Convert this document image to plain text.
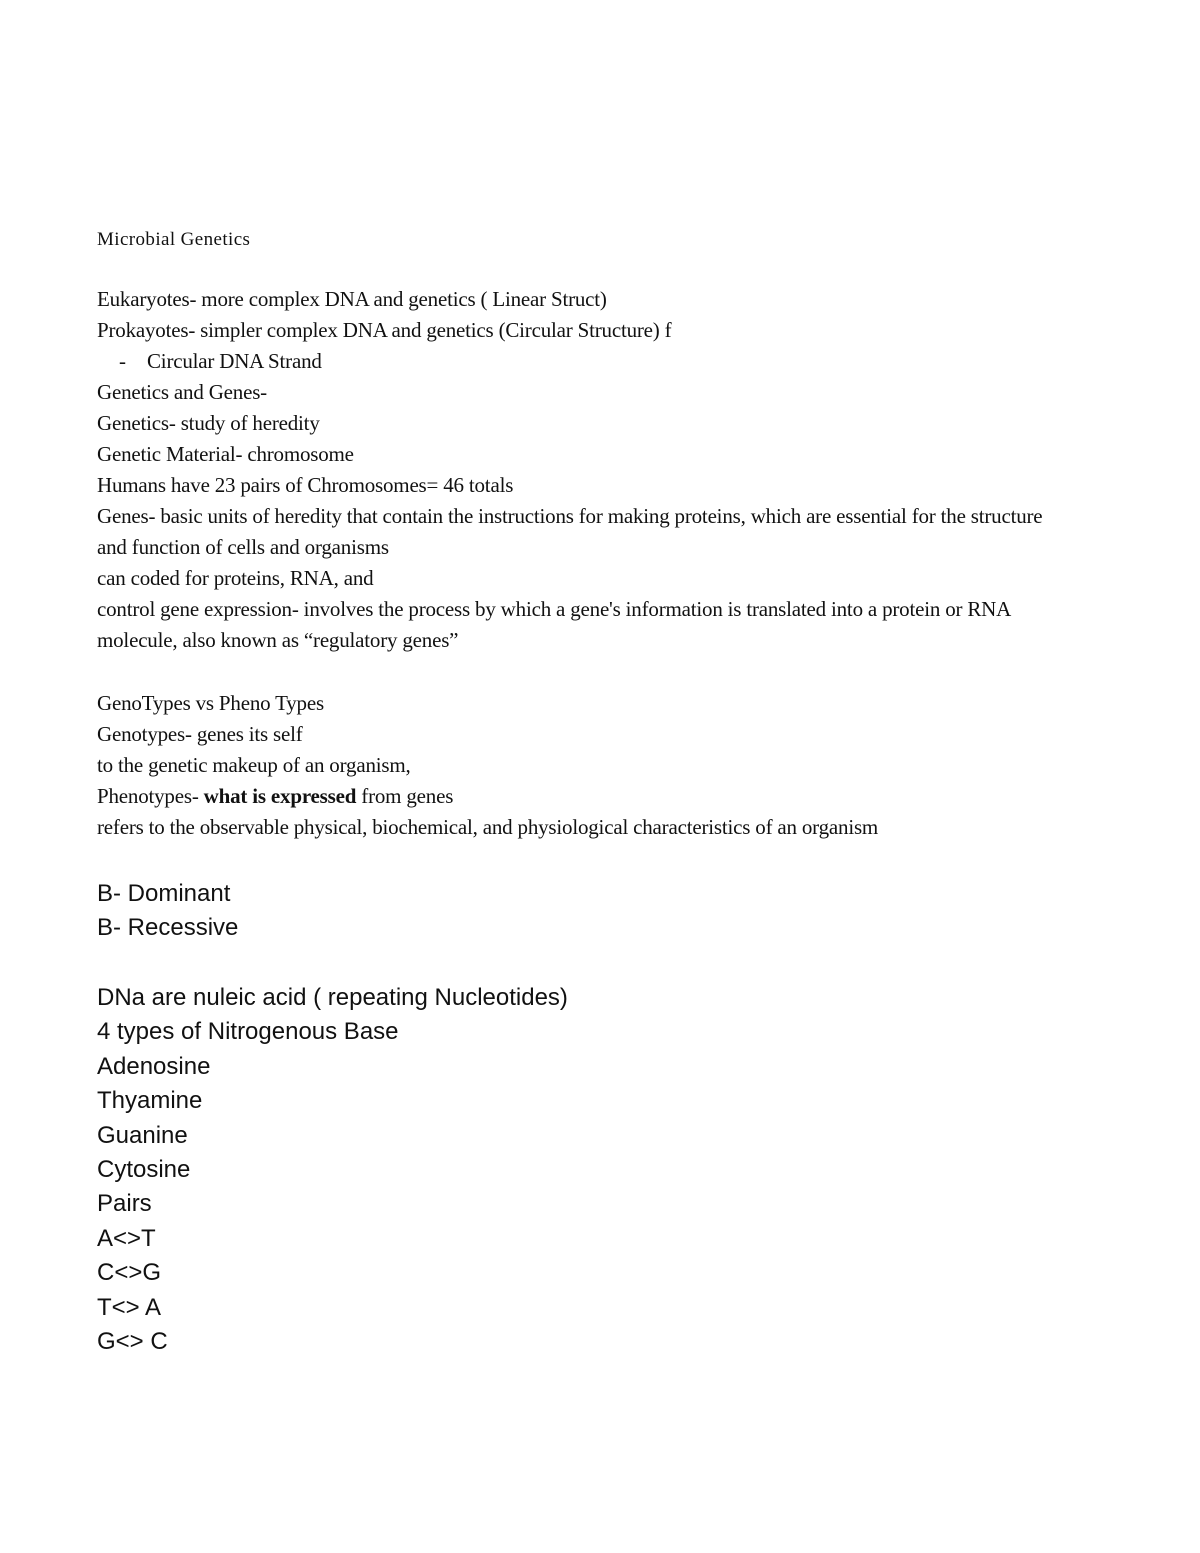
Microbial Genetics
Eukaryotes- more complex DNA and genetics ( Linear Struct)
Prokayotes- simpler complex DNA and genetics (Circular Structure) f
- Circular DNA Strand
Genetics and Genes-
Genetics- study of heredity
Genetic Material- chromosome
Humans have 23 pairs of Chromosomes= 46 totals
Genes- basic units of heredity that contain the instructions for making proteins, which are essential for the structure
and function of cells and organisms
can coded for proteins, RNA, and
control gene expression- involves the process by which a gene's information is translated into a protein or RNA
molecule, also known as “regulatory genes”
GenoTypes vs Pheno Types
Genotypes- genes its self
to the genetic makeup of an organism,
Phenotypes- what is expressed from genes
refers to the observable physical, biochemical, and physiological characteristics of an organism
B- Dominant
B- Recessive
DNa are nuleic acid ( repeating Nucleotides)
4 types of Nitrogenous Base
Adenosine
Thyamine
Guanine
Cytosine
Pairs
A<>T
C<>G
T<> A
G<> C
